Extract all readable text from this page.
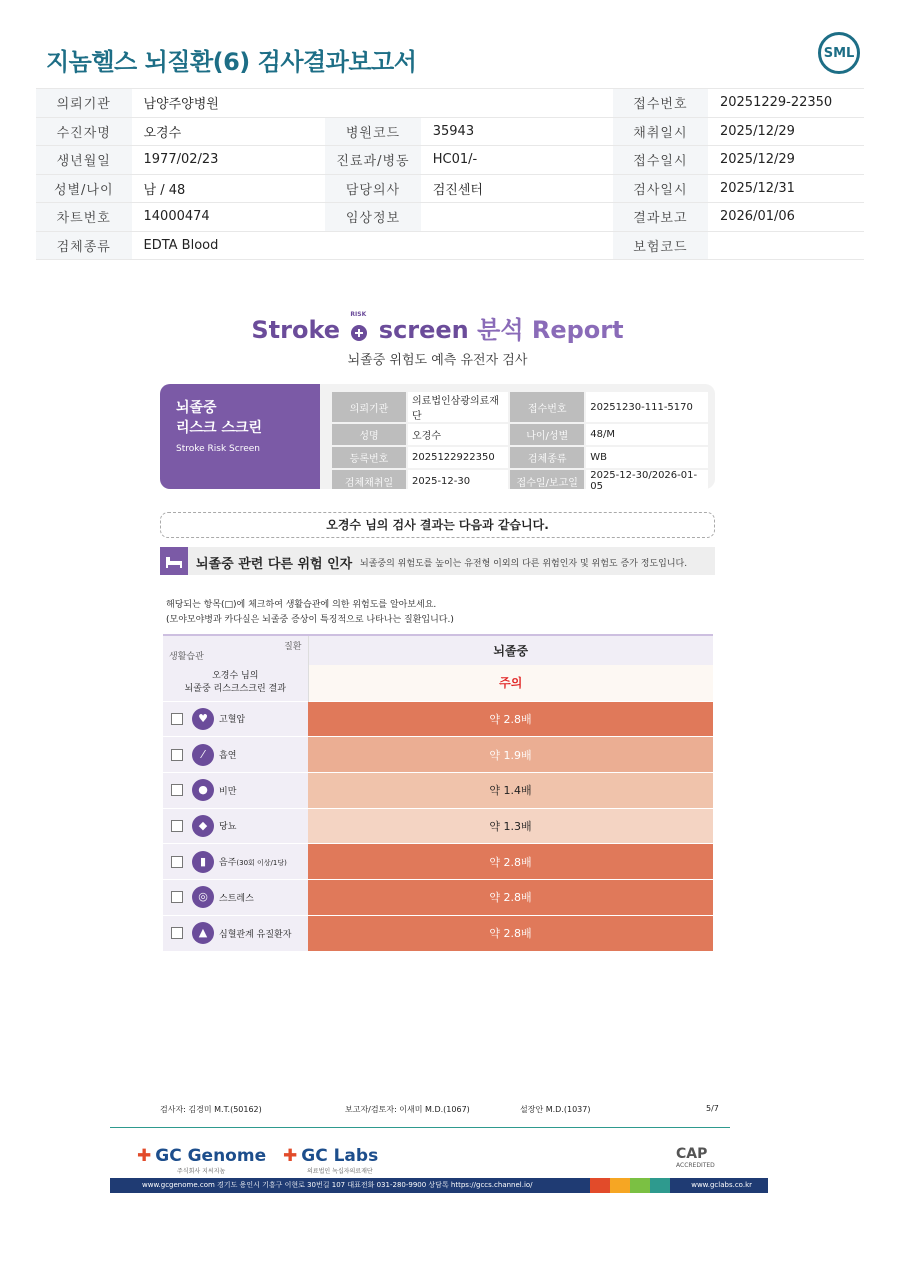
지놈헬스 뇌질환(6) 검사결과보고서	SML
의뢰기관	남양주양병원			접수번호	20251229-22350
수진자명	오경수	병원코드	35943	채취일시	2025/12/29
생년월일	1977/02/23	진료과/병동	HC01/-	접수일시	2025/12/29
성별/나이	남 / 48	담당의사	검진센터	검사일시	2025/12/31
차트번호	14000474	임상정보		결과보고	2026/01/06
검체종류	EDTA Blood			보험코드	
Stroke
RISK
screen 분석 Report
뇌졸중 위험도 예측 유전자 검사
뇌졸중
리스크 스크린
Stroke Risk Screen
의뢰기관	의료법인삼광의료재단	접수번호	20251230-111-5170
성명	오경수	나이/성별	48/M
등록번호	2025122922350	검체종류	WB
검체채취일	2025-12-30	접수일/보고일	2025-12-30/2026-01-05
오경수 님의 검사 결과는 다음과 같습니다.
뇌졸중 관련 다른 위험 인자 뇌졸중의 위험도를 높이는 유전형 이외의 다른 위험인자 및 위험도 증가 정도입니다.
해당되는 항목(□)에 체크하여 생활습관에 의한 위험도를 알아보세요.
(모야모야병과 카다실은 뇌졸중 증상이 특징적으로 나타나는 질환입니다.)
질환
생활습관	뇌졸중

오경수 님의
뇌졸중 리스크스크린 결과	주의
♥ 고혈압	약 2.8배
⁄ 흡연	약 1.9배
● 비만	약 1.4배
◆ 당뇨	약 1.3배
▮ 음주(30회 이상/1당)	약 2.8배
◎ 스트레스	약 2.8배
▲ 심혈관계 유질환자	약 2.8배
검사자: 김경미 M.T.(50162)	보고자/검토자: 이새미 M.D.(1067)	설장안 M.D.(1037)	5/7
✚ GC Genome
주식회사 지씨지놈
✚ GC Labs
의료법인 녹십자의료재단
CAP
ACCREDITED
www.gcgenome.com 경기도 용인시 기흥구 이현로 30번길 107 대표전화 031-280-9900 상담톡 https://gccs.channel.io/	www.gclabs.co.kr
